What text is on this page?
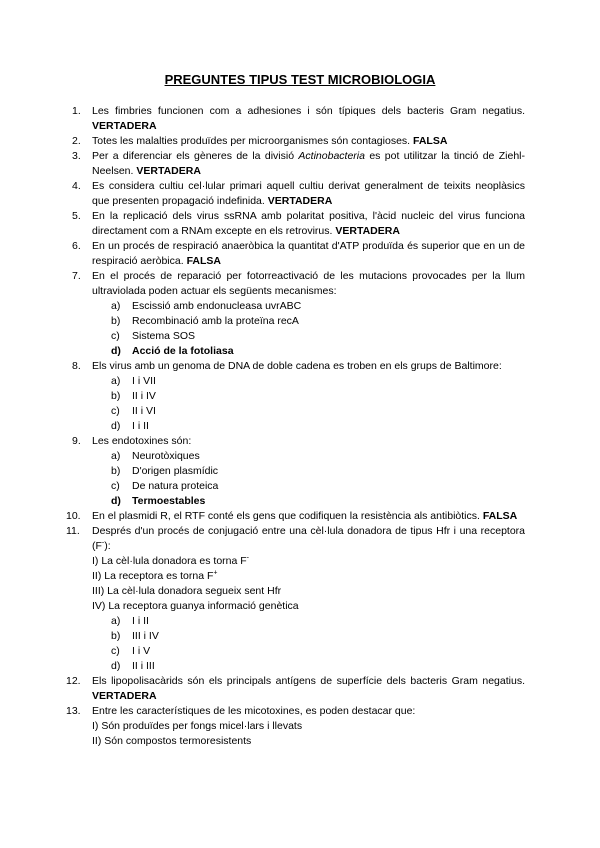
PREGUNTES TIPUS TEST MICROBIOLOGIA
1. Les fimbries funcionen com a adhesiones i són típiques dels bacteris Gram negatius. VERTADERA
2. Totes les malalties produïdes per microorganismes són contagioses. FALSA
3. Per a diferenciar els gèneres de la divisió Actinobacteria es pot utilitzar la tinció de Ziehl-Neelsen. VERTADERA
4. Es considera cultiu cel·lular primari aquell cultiu derivat generalment de teixits neoplàsics que presenten propagació indefinida. VERTADERA
5. En la replicació dels virus ssRNA amb polaritat positiva, l'àcid nucleic del virus funciona directament com a RNAm excepte en els retrovirus. VERTADERA
6. En un procés de respiració anaeròbica la quantitat d'ATP produïda és superior que en un de respiració aeròbica. FALSA
7. En el procés de reparació per fotorreactivació de les mutacions provocades per la llum ultraviolada poden actuar els següents mecanismes:
a) Escissió amb endonucleasa uvrABC
b) Recombinació amb la proteïna recA
c) Sistema SOS
d) Acció de la fotoliasa
8. Els virus amb un genoma de DNA de doble cadena es troben en els grups de Baltimore:
a) I i VII
b) II i IV
c) II i VI
d) I i II
9. Les endotoxines són:
a) Neurotòxiques
b) D'origen plasmídic
c) De natura proteica
d) Termoestables
10. En el plasmidi R, el RTF conté els gens que codifiquen la resistència als antibiòtics. FALSA
11. Després d'un procés de conjugació entre una cèl·lula donadora de tipus Hfr i una receptora (F-):
I) La cèl·lula donadora es torna F-
II) La receptora es torna F+
III) La cèl·lula donadora segueix sent Hfr
IV) La receptora guanya informació genètica
a) I i II
b) III i IV
c) I i V
d) II i III
12. Els lipopolisacàrids són els principals antígens de superfície dels bacteris Gram negatius. VERTADERA
13. Entre les característiques de les micotoxines, es poden destacar que:
I) Són produïdes per fongs micel·lars i llevats
II) Són compostos termoresistents
